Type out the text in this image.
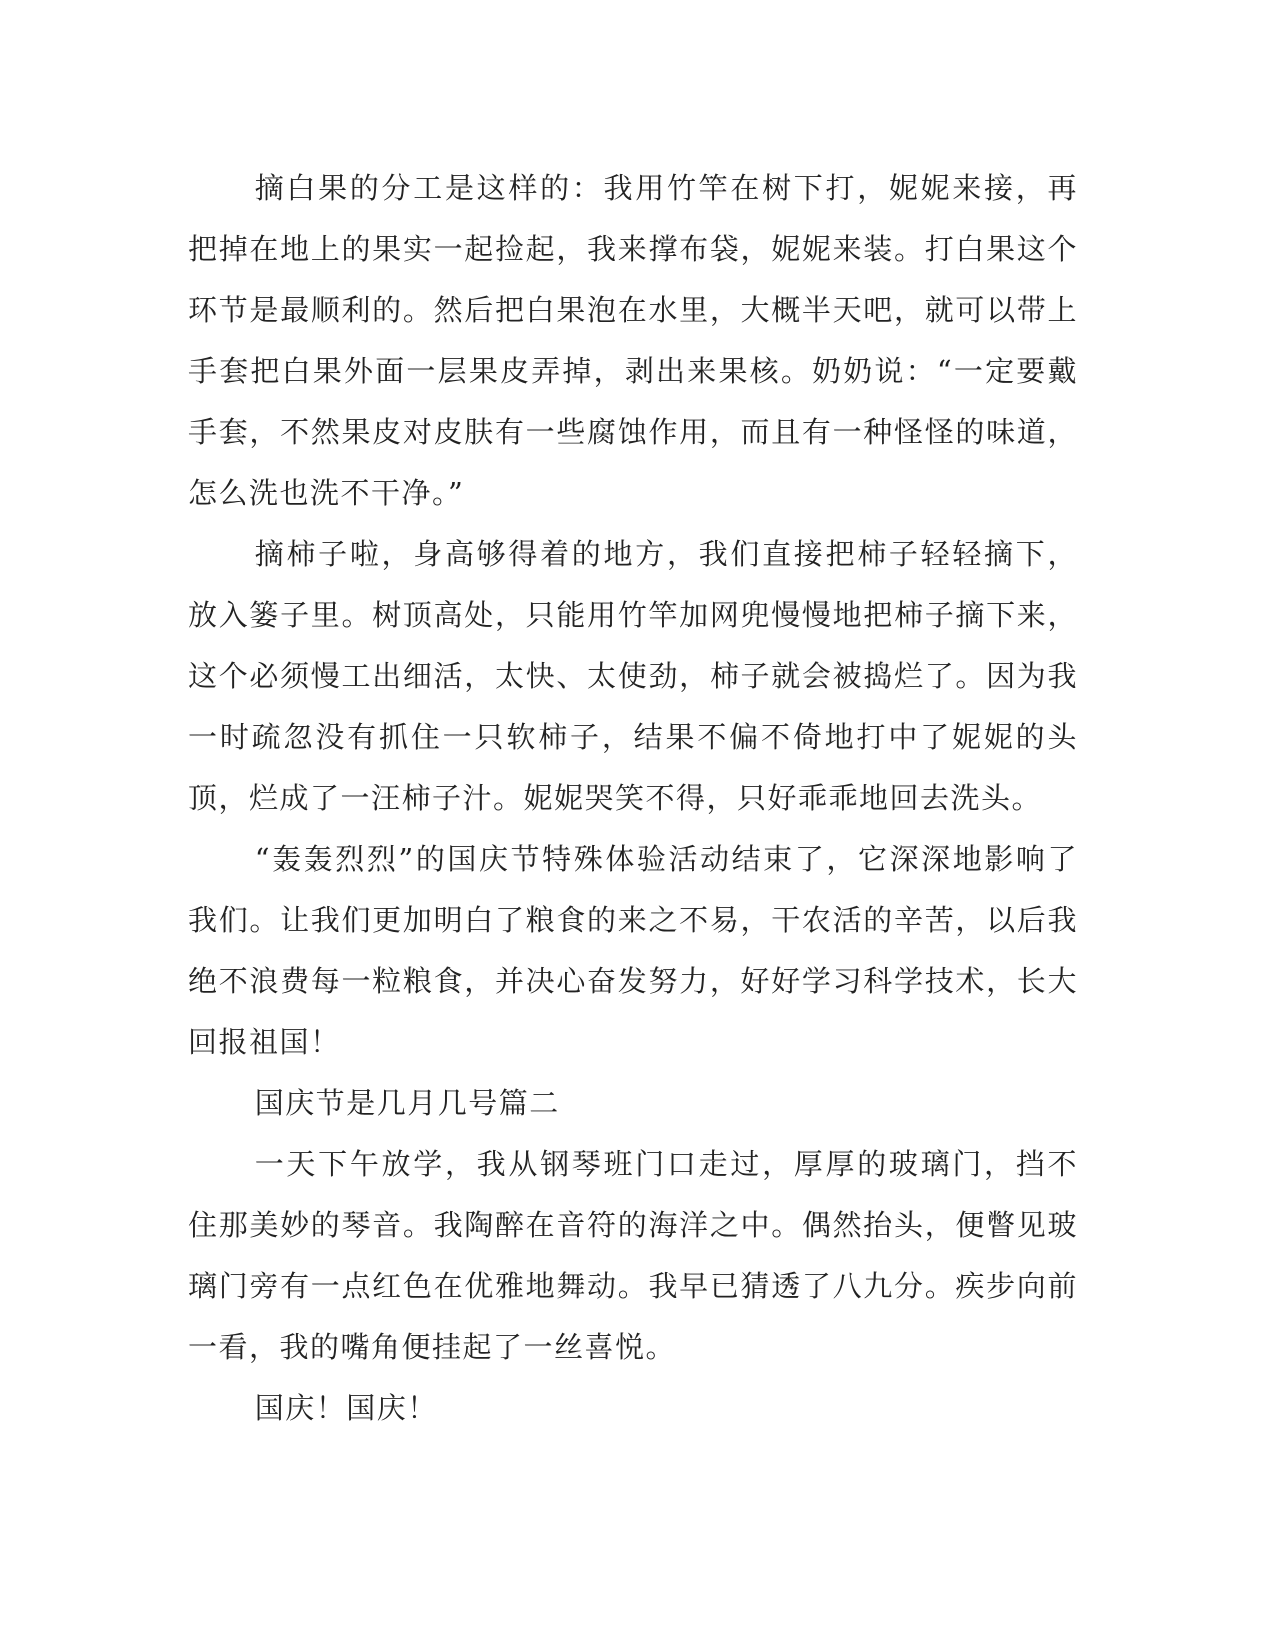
摘白果的分工是这样的：我用竹竿在树下打，妮妮来接，再把掉在地上的果实一起捡起，我来撑布袋，妮妮来装。打白果这个环节是最顺利的。然后把白果泡在水里，大概半天吧，就可以带上手套把白果外面一层果皮弄掉，剥出来果核。奶奶说：“一定要戴手套，不然果皮对皮肤有一些腐蚀作用，而且有一种怪怪的味道，怎么洗也洗不干净。”

摘柿子啦，身高够得着的地方，我们直接把柿子轻轻摘下，放入篓子里。树顶高处，只能用竹竿加网兜慢慢地把柿子摘下来，这个必须慢工出细活，太快、太使劲，柿子就会被捣烂了。因为我一时疏忽没有抓住一只软柿子，结果不偏不倚地打中了妮妮的头顶，烂成了一汪柿子汁。妮妮哭笑不得，只好乖乖地回去洗头。

“轰轰烈烈”的国庆节特殊体验活动结束了，它深深地影响了我们。让我们更加明白了粮食的来之不易，干农活的辛苦，以后我绝不浪费每一粒粮食，并决心奋发努力，好好学习科学技术，长大回报祖国！

国庆节是几月几号篇二

一天下午放学，我从钢琴班门口走过，厚厚的玻璃门，挡不住那美妙的琴音。我陶醉在音符的海洋之中。偶然抬头，便瞥见玻璃门旁有一点红色在优雅地舞动。我早已猜透了八九分。疾步向前一看，我的嘴角便挂起了一丝喜悦。

国庆！国庆！
